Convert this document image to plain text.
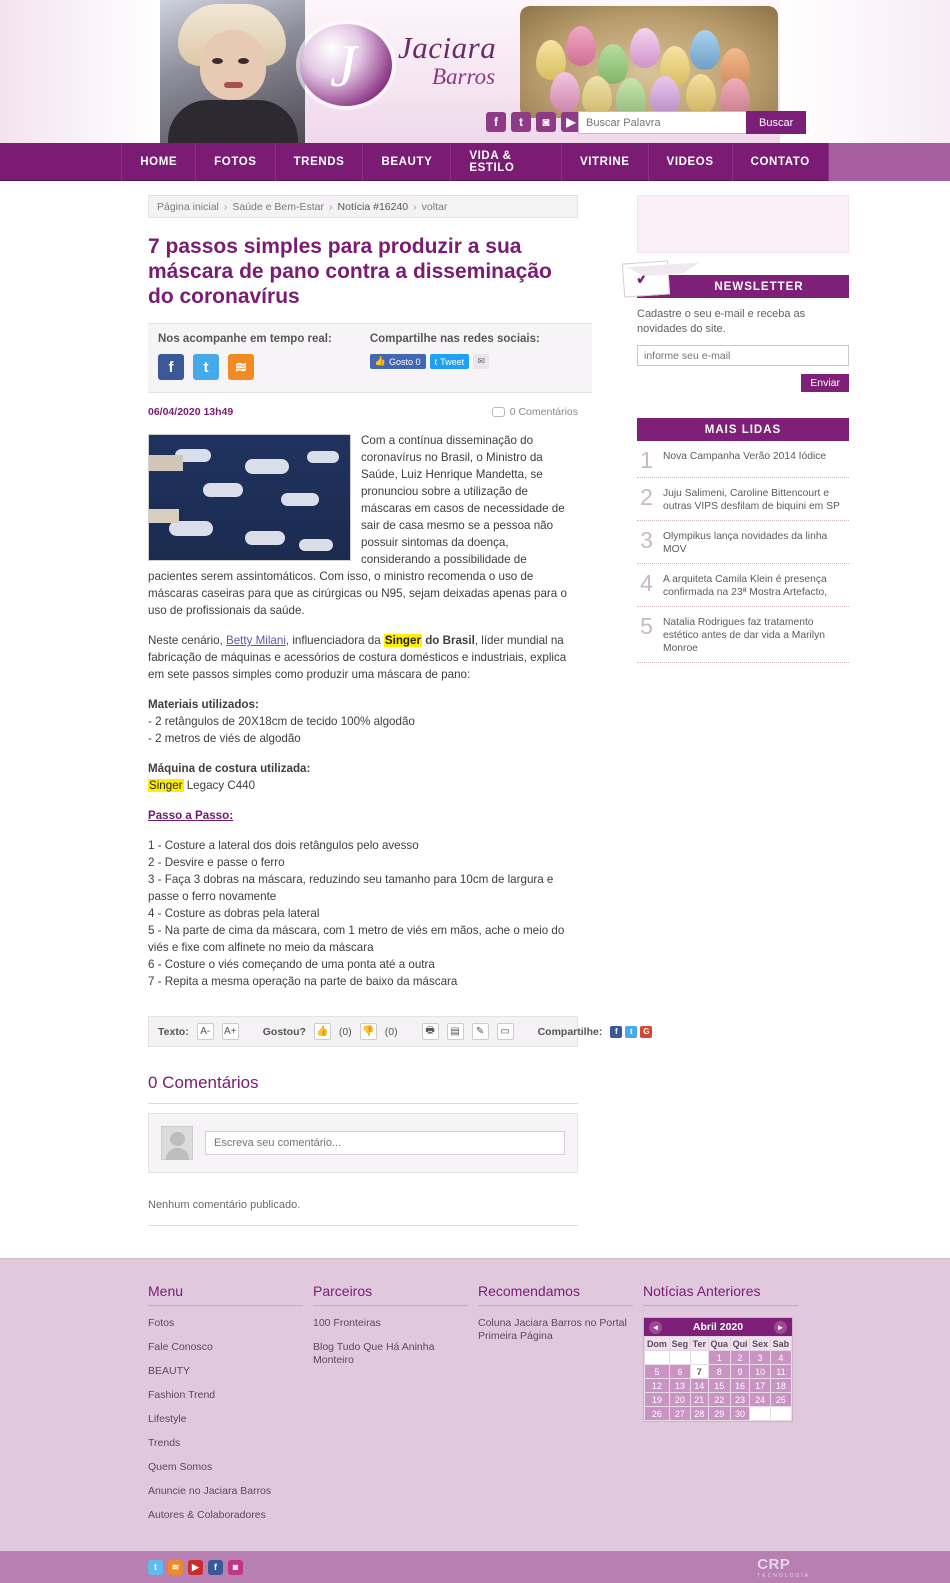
J Jaciara
Barros
f	t	◙	▶
Buscar Palavra	Buscar
HOME	FOTOS	TRENDS	BEAUTY	VIDA & ESTILO	VITRINE	VIDEOS	CONTATO
Página inicial › Saúde e Bem-Estar › Notícia #16240 › voltar
7 passos simples para produzir a sua máscara de pano contra a disseminação do coronavírus
Nos acompanhe em tempo real:
f	t	≋
Compartilhe nas redes sociais:
👍 Gosto 0 t Tweet	✉
06/04/2020 13h49	0 Comentários

Com a contínua disseminação do coronavírus no Brasil, o Ministro da Saúde, Luiz Henrique Mandetta, se pronunciou sobre a utilização de máscaras em casos de necessidade de sair de casa mesmo se a pessoa não possuir sintomas da doença, considerando a possibilidade de pacientes serem assintomáticos. Com isso, o ministro recomenda o uso de máscaras caseiras para que as cirúrgicas ou N95, sejam deixadas apenas para o uso de profissionais da saúde.

Neste cenário, Betty Milani, influenciadora da Singer do Brasil, líder mundial na fabricação de máquinas e acessórios de costura domésticos e industriais, explica em sete passos simples como produzir uma máscara de pano:

Materiais utilizados:
- 2 retângulos de 20X18cm de tecido 100% algodão
- 2 metros de viés de algodão

Máquina de costura utilizada:
Singer Legacy C440

Passo a Passo:

1 - Costure a lateral dos dois retângulos pelo avesso
2 - Desvire e passe o ferro
3 - Faça 3 dobras na máscara, reduzindo seu tamanho para 10cm de largura e passe o ferro novamente
4 - Costure as dobras pela lateral
5 - Na parte de cima da máscara, com 1 metro de viés em mãos, ache o meio do viés e fixe com alfinete no meio da máscara
6 - Costure o viés começando de uma ponta até a outra
7 - Repita a mesma operação na parte de baixo da máscara

Texto:	A-	A+ Gostou? 👍 (0) 👎 (0)	🖶	▤	✎	▭	Compartilhe:	f	t	G
0 Comentários
Escreva seu comentário...
Nenhum comentário publicado.
✓	NEWSLETTER
Cadastre o seu e-mail e receba as novidades do site.
informe seu e-mail
Enviar
MAIS LIDAS
1 Nova Campanha Verão 2014 Iódice
2 Juju Salimeni, Caroline Bittencourt e outras VIPS desfilam de biquini em SP
3 Olympikus lança novidades da linha MOV
4 A arquiteta Camila Klein é presença confirmada na 23ª Mostra Artefacto,
5 Natalia Rodrigues faz tratamento estético antes de dar vida a Marilyn Monroe
Menu
Fotos
Fale Conosco
BEAUTY
Fashion Trend
Lifestyle
Trends
Quem Somos
Anuncie no Jaciara Barros
Autores & Colaboradores
Parceiros
100 Fronteiras
Blog Tudo Que Há Aninha Monteiro
Recomendamos
Coluna Jaciara Barros no Portal Primeira Página
Notícias Anteriores
◄	Abril 2020	►
Dom	Seg	Ter	Qua	Qui	Sex	Sab
			1	2	3	4
5	6	7	8	9	10	11
12	13	14	15	16	17	18
19	20	21	22	23	24	25
26	27	28	29	30		
t	≋	▶	f	◙	CRP
TECNOLOGIA
